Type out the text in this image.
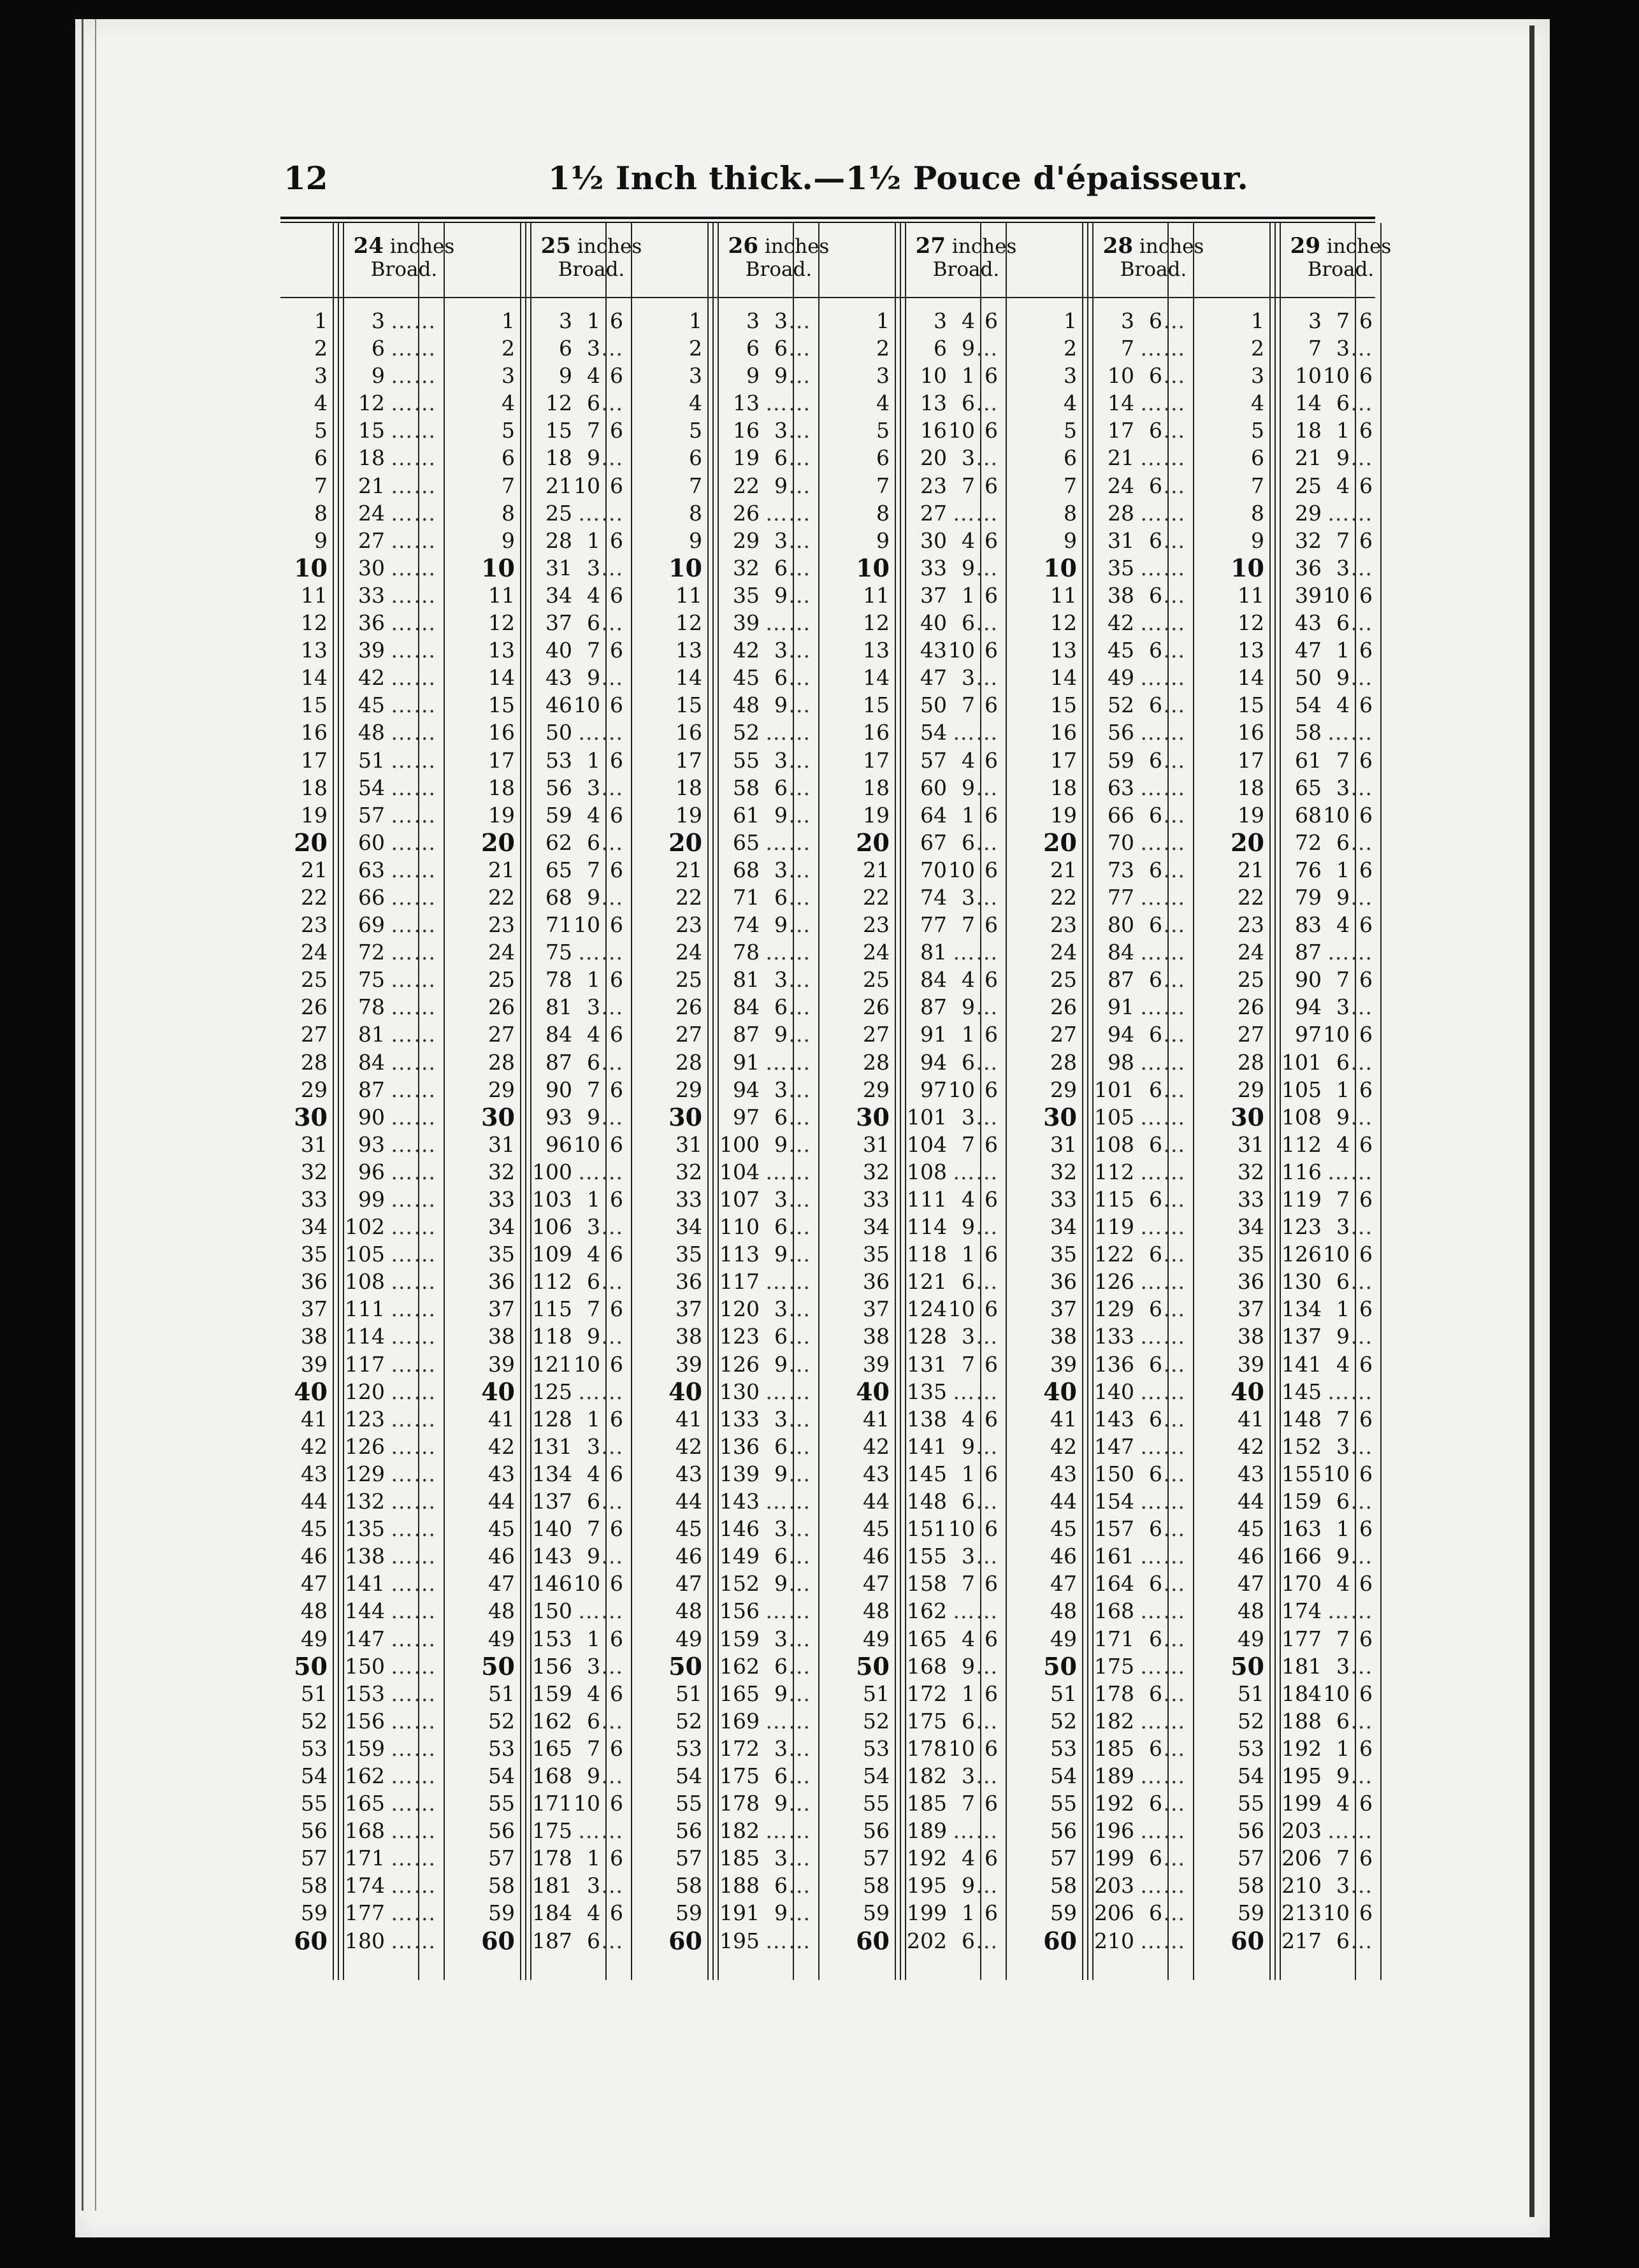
12	1½ Inch thick.—1½ Pouce d'épaisseur.
24 inches
Broad.
1
2
3
4
5
6
7
8
9
10
11
12
13
14
15
16
17
18
19
20
21
22
23
24
25
26
27
28
29
30
31
32
33
34
35
36
37
38
39
40
41
42
43
44
45
46
47
48
49
50
51
52
53
54
55
56
57
58
59
60
3 ......
6 ......
9 ......
12 ......
15 ......
18 ......
21 ......
24 ......
27 ......
30 ......
33 ......
36 ......
39 ......
42 ......
45 ......
48 ......
51 ......
54 ......
57 ......
60 ......
63 ......
66 ......
69 ......
72 ......
75 ......
78 ......
81 ......
84 ......
87 ......
90 ......
93 ......
96 ......
99 ......
102 ......
105 ......
108 ......
111 ......
114 ......
117 ......
120 ......
123 ......
126 ......
129 ......
132 ......
135 ......
138 ......
141 ......
144 ......
147 ......
150 ......
153 ......
156 ......
159 ......
162 ......
165 ......
168 ......
171 ......
174 ......
177 ......
180 ......
25 inches
Broad.
1
2
3
4
5
6
7
8
9
10
11
12
13
14
15
16
17
18
19
20
21
22
23
24
25
26
27
28
29
30
31
32
33
34
35
36
37
38
39
40
41
42
43
44
45
46
47
48
49
50
51
52
53
54
55
56
57
58
59
60
3 1 6
6 3...
9 4 6
12 6...
15 7 6
18 9...
2110 6
25 ......
28 1 6
31 3...
34 4 6
37 6...
40 7 6
43 9...
4610 6
50 ......
53 1 6
56 3...
59 4 6
62 6...
65 7 6
68 9...
7110 6
75 ......
78 1 6
81 3...
84 4 6
87 6...
90 7 6
93 9...
9610 6
100 ......
103 1 6
106 3...
109 4 6
112 6...
115 7 6
118 9...
12110 6
125 ......
128 1 6
131 3...
134 4 6
137 6...
140 7 6
143 9...
14610 6
150 ......
153 1 6
156 3...
159 4 6
162 6...
165 7 6
168 9...
17110 6
175 ......
178 1 6
181 3...
184 4 6
187 6...
26 inches
Broad.
1
2
3
4
5
6
7
8
9
10
11
12
13
14
15
16
17
18
19
20
21
22
23
24
25
26
27
28
29
30
31
32
33
34
35
36
37
38
39
40
41
42
43
44
45
46
47
48
49
50
51
52
53
54
55
56
57
58
59
60
3 3...
6 6...
9 9...
13 ......
16 3...
19 6...
22 9...
26 ......
29 3...
32 6...
35 9...
39 ......
42 3...
45 6...
48 9...
52 ......
55 3...
58 6...
61 9...
65 ......
68 3...
71 6...
74 9...
78 ......
81 3...
84 6...
87 9...
91 ......
94 3...
97 6...
100 9...
104 ......
107 3...
110 6...
113 9...
117 ......
120 3...
123 6...
126 9...
130 ......
133 3...
136 6...
139 9...
143 ......
146 3...
149 6...
152 9...
156 ......
159 3...
162 6...
165 9...
169 ......
172 3...
175 6...
178 9...
182 ......
185 3...
188 6...
191 9...
195 ......
27 inches
Broad.
1
2
3
4
5
6
7
8
9
10
11
12
13
14
15
16
17
18
19
20
21
22
23
24
25
26
27
28
29
30
31
32
33
34
35
36
37
38
39
40
41
42
43
44
45
46
47
48
49
50
51
52
53
54
55
56
57
58
59
60
3 4 6
6 9...
10 1 6
13 6...
1610 6
20 3...
23 7 6
27 ......
30 4 6
33 9...
37 1 6
40 6...
4310 6
47 3...
50 7 6
54 ......
57 4 6
60 9...
64 1 6
67 6...
7010 6
74 3...
77 7 6
81 ......
84 4 6
87 9...
91 1 6
94 6...
9710 6
101 3...
104 7 6
108 ......
111 4 6
114 9...
118 1 6
121 6...
12410 6
128 3...
131 7 6
135 ......
138 4 6
141 9...
145 1 6
148 6...
15110 6
155 3...
158 7 6
162 ......
165 4 6
168 9...
172 1 6
175 6...
17810 6
182 3...
185 7 6
189 ......
192 4 6
195 9...
199 1 6
202 6...
28 inches
Broad.
1
2
3
4
5
6
7
8
9
10
11
12
13
14
15
16
17
18
19
20
21
22
23
24
25
26
27
28
29
30
31
32
33
34
35
36
37
38
39
40
41
42
43
44
45
46
47
48
49
50
51
52
53
54
55
56
57
58
59
60
3 6...
7 ......
10 6...
14 ......
17 6...
21 ......
24 6...
28 ......
31 6...
35 ......
38 6...
42 ......
45 6...
49 ......
52 6...
56 ......
59 6...
63 ......
66 6...
70 ......
73 6...
77 ......
80 6...
84 ......
87 6...
91 ......
94 6...
98 ......
101 6...
105 ......
108 6...
112 ......
115 6...
119 ......
122 6...
126 ......
129 6...
133 ......
136 6...
140 ......
143 6...
147 ......
150 6...
154 ......
157 6...
161 ......
164 6...
168 ......
171 6...
175 ......
178 6...
182 ......
185 6...
189 ......
192 6...
196 ......
199 6...
203 ......
206 6...
210 ......
29 inches
Broad.
1
2
3
4
5
6
7
8
9
10
11
12
13
14
15
16
17
18
19
20
21
22
23
24
25
26
27
28
29
30
31
32
33
34
35
36
37
38
39
40
41
42
43
44
45
46
47
48
49
50
51
52
53
54
55
56
57
58
59
60
3 7 6
7 3...
1010 6
14 6...
18 1 6
21 9...
25 4 6
29 ......
32 7 6
36 3...
3910 6
43 6...
47 1 6
50 9...
54 4 6
58 ......
61 7 6
65 3...
6810 6
72 6...
76 1 6
79 9...
83 4 6
87 ......
90 7 6
94 3...
9710 6
101 6...
105 1 6
108 9...
112 4 6
116 ......
119 7 6
123 3...
12610 6
130 6...
134 1 6
137 9...
141 4 6
145 ......
148 7 6
152 3...
15510 6
159 6...
163 1 6
166 9...
170 4 6
174 ......
177 7 6
181 3...
18410 6
188 6...
192 1 6
195 9...
199 4 6
203 ......
206 7 6
210 3...
21310 6
217 6...
